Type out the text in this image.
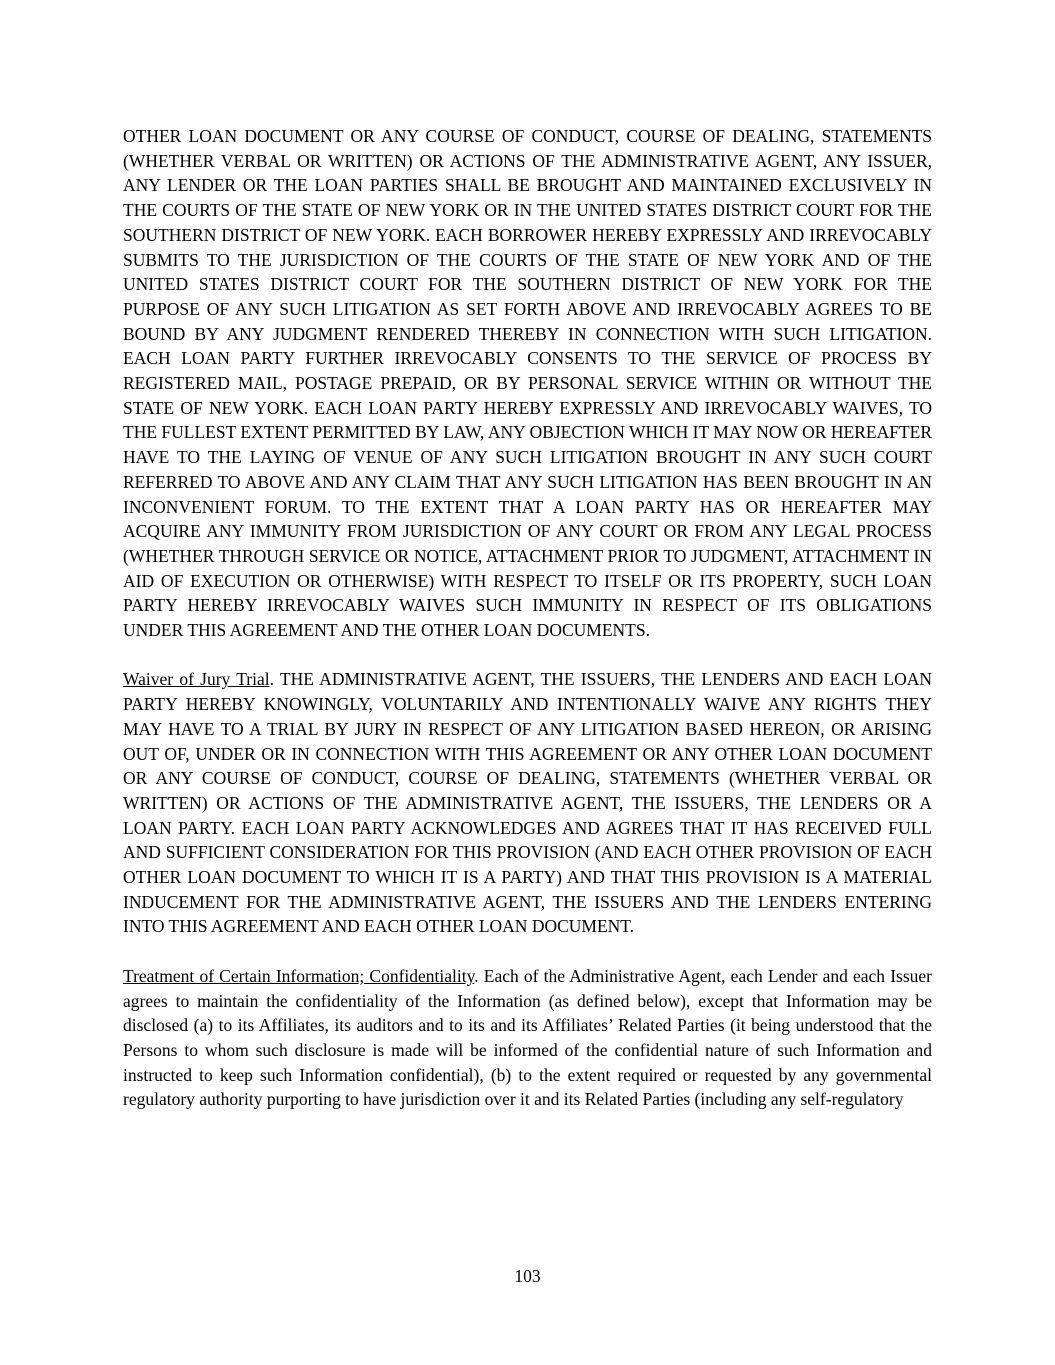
OTHER LOAN DOCUMENT OR ANY COURSE OF CONDUCT, COURSE OF DEALING, STATEMENTS (WHETHER VERBAL OR WRITTEN) OR ACTIONS OF THE ADMINISTRATIVE AGENT, ANY ISSUER, ANY LENDER OR THE LOAN PARTIES SHALL BE BROUGHT AND MAINTAINED EXCLUSIVELY IN THE COURTS OF THE STATE OF NEW YORK OR IN THE UNITED STATES DISTRICT COURT FOR THE SOUTHERN DISTRICT OF NEW YORK. EACH BORROWER HEREBY EXPRESSLY AND IRREVOCABLY SUBMITS TO THE JURISDICTION OF THE COURTS OF THE STATE OF NEW YORK AND OF THE UNITED STATES DISTRICT COURT FOR THE SOUTHERN DISTRICT OF NEW YORK FOR THE PURPOSE OF ANY SUCH LITIGATION AS SET FORTH ABOVE AND IRREVOCABLY AGREES TO BE BOUND BY ANY JUDGMENT RENDERED THEREBY IN CONNECTION WITH SUCH LITIGATION. EACH LOAN PARTY FURTHER IRREVOCABLY CONSENTS TO THE SERVICE OF PROCESS BY REGISTERED MAIL, POSTAGE PREPAID, OR BY PERSONAL SERVICE WITHIN OR WITHOUT THE STATE OF NEW YORK. EACH LOAN PARTY HEREBY EXPRESSLY AND IRREVOCABLY WAIVES, TO THE FULLEST EXTENT PERMITTED BY LAW, ANY OBJECTION WHICH IT MAY NOW OR HEREAFTER HAVE TO THE LAYING OF VENUE OF ANY SUCH LITIGATION BROUGHT IN ANY SUCH COURT REFERRED TO ABOVE AND ANY CLAIM THAT ANY SUCH LITIGATION HAS BEEN BROUGHT IN AN INCONVENIENT FORUM. TO THE EXTENT THAT A LOAN PARTY HAS OR HEREAFTER MAY ACQUIRE ANY IMMUNITY FROM JURISDICTION OF ANY COURT OR FROM ANY LEGAL PROCESS (WHETHER THROUGH SERVICE OR NOTICE, ATTACHMENT PRIOR TO JUDGMENT, ATTACHMENT IN AID OF EXECUTION OR OTHERWISE) WITH RESPECT TO ITSELF OR ITS PROPERTY, SUCH LOAN PARTY HEREBY IRREVOCABLY WAIVES SUCH IMMUNITY IN RESPECT OF ITS OBLIGATIONS UNDER THIS AGREEMENT AND THE OTHER LOAN DOCUMENTS.

Waiver of Jury Trial. THE ADMINISTRATIVE AGENT, THE ISSUERS, THE LENDERS AND EACH LOAN PARTY HEREBY KNOWINGLY, VOLUNTARILY AND INTENTIONALLY WAIVE ANY RIGHTS THEY MAY HAVE TO A TRIAL BY JURY IN RESPECT OF ANY LITIGATION BASED HEREON, OR ARISING OUT OF, UNDER OR IN CONNECTION WITH THIS AGREEMENT OR ANY OTHER LOAN DOCUMENT OR ANY COURSE OF CONDUCT, COURSE OF DEALING, STATEMENTS (WHETHER VERBAL OR WRITTEN) OR ACTIONS OF THE ADMINISTRATIVE AGENT, THE ISSUERS, THE LENDERS OR A LOAN PARTY. EACH LOAN PARTY ACKNOWLEDGES AND AGREES THAT IT HAS RECEIVED FULL AND SUFFICIENT CONSIDERATION FOR THIS PROVISION (AND EACH OTHER PROVISION OF EACH OTHER LOAN DOCUMENT TO WHICH IT IS A PARTY) AND THAT THIS PROVISION IS A MATERIAL INDUCEMENT FOR THE ADMINISTRATIVE AGENT, THE ISSUERS AND THE LENDERS ENTERING INTO THIS AGREEMENT AND EACH OTHER LOAN DOCUMENT.

Treatment of Certain Information; Confidentiality. Each of the Administrative Agent, each Lender and each Issuer agrees to maintain the confidentiality of the Information (as defined below), except that Information may be disclosed (a) to its Affiliates, its auditors and to its and its Affiliates’ Related Parties (it being understood that the Persons to whom such disclosure is made will be informed of the confidential nature of such Information and instructed to keep such Information confidential), (b) to the extent required or requested by any governmental regulatory authority purporting to have jurisdiction over it and its Related Parties (including any self-regulatory

103
